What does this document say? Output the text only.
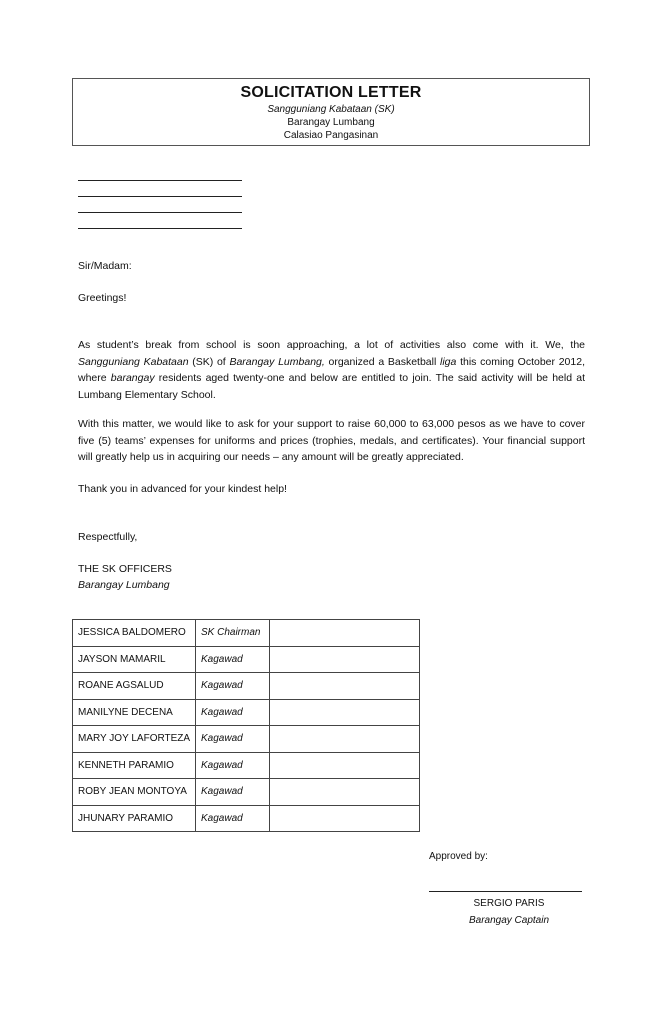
SOLICITATION LETTER
Sangguniang Kabataan (SK)
Barangay Lumbang
Calasiao Pangasinan
Sir/Madam:
Greetings!
As student’s break from school is soon approaching, a lot of activities also come with it. We, the Sangguniang Kabataan (SK) of Barangay Lumbang, organized a Basketball liga this coming October 2012, where barangay residents aged twenty-one and below are entitled to join. The said activity will be held at Lumbang Elementary School.
With this matter, we would like to ask for your support to raise 60,000 to 63,000 pesos as we have to cover five (5) teams’ expenses for uniforms and prices (trophies, medals, and certificates). Your financial support will greatly help us in acquiring our needs – any amount will be greatly appreciated.
Thank you in advanced for your kindest help!
Respectfully,
THE SK OFFICERS
Barangay Lumbang
JESSICA BALDOMERO	SK Chairman	
JAYSON MAMARIL	Kagawad	
ROANE AGSALUD	Kagawad	
MANILYNE DECENA	Kagawad	
MARY JOY LAFORTEZA	Kagawad	
KENNETH PARAMIO	Kagawad	
ROBY JEAN MONTOYA	Kagawad	
JHUNARY PARAMIO	Kagawad	
Approved by:
SERGIO PARIS
Barangay Captain
